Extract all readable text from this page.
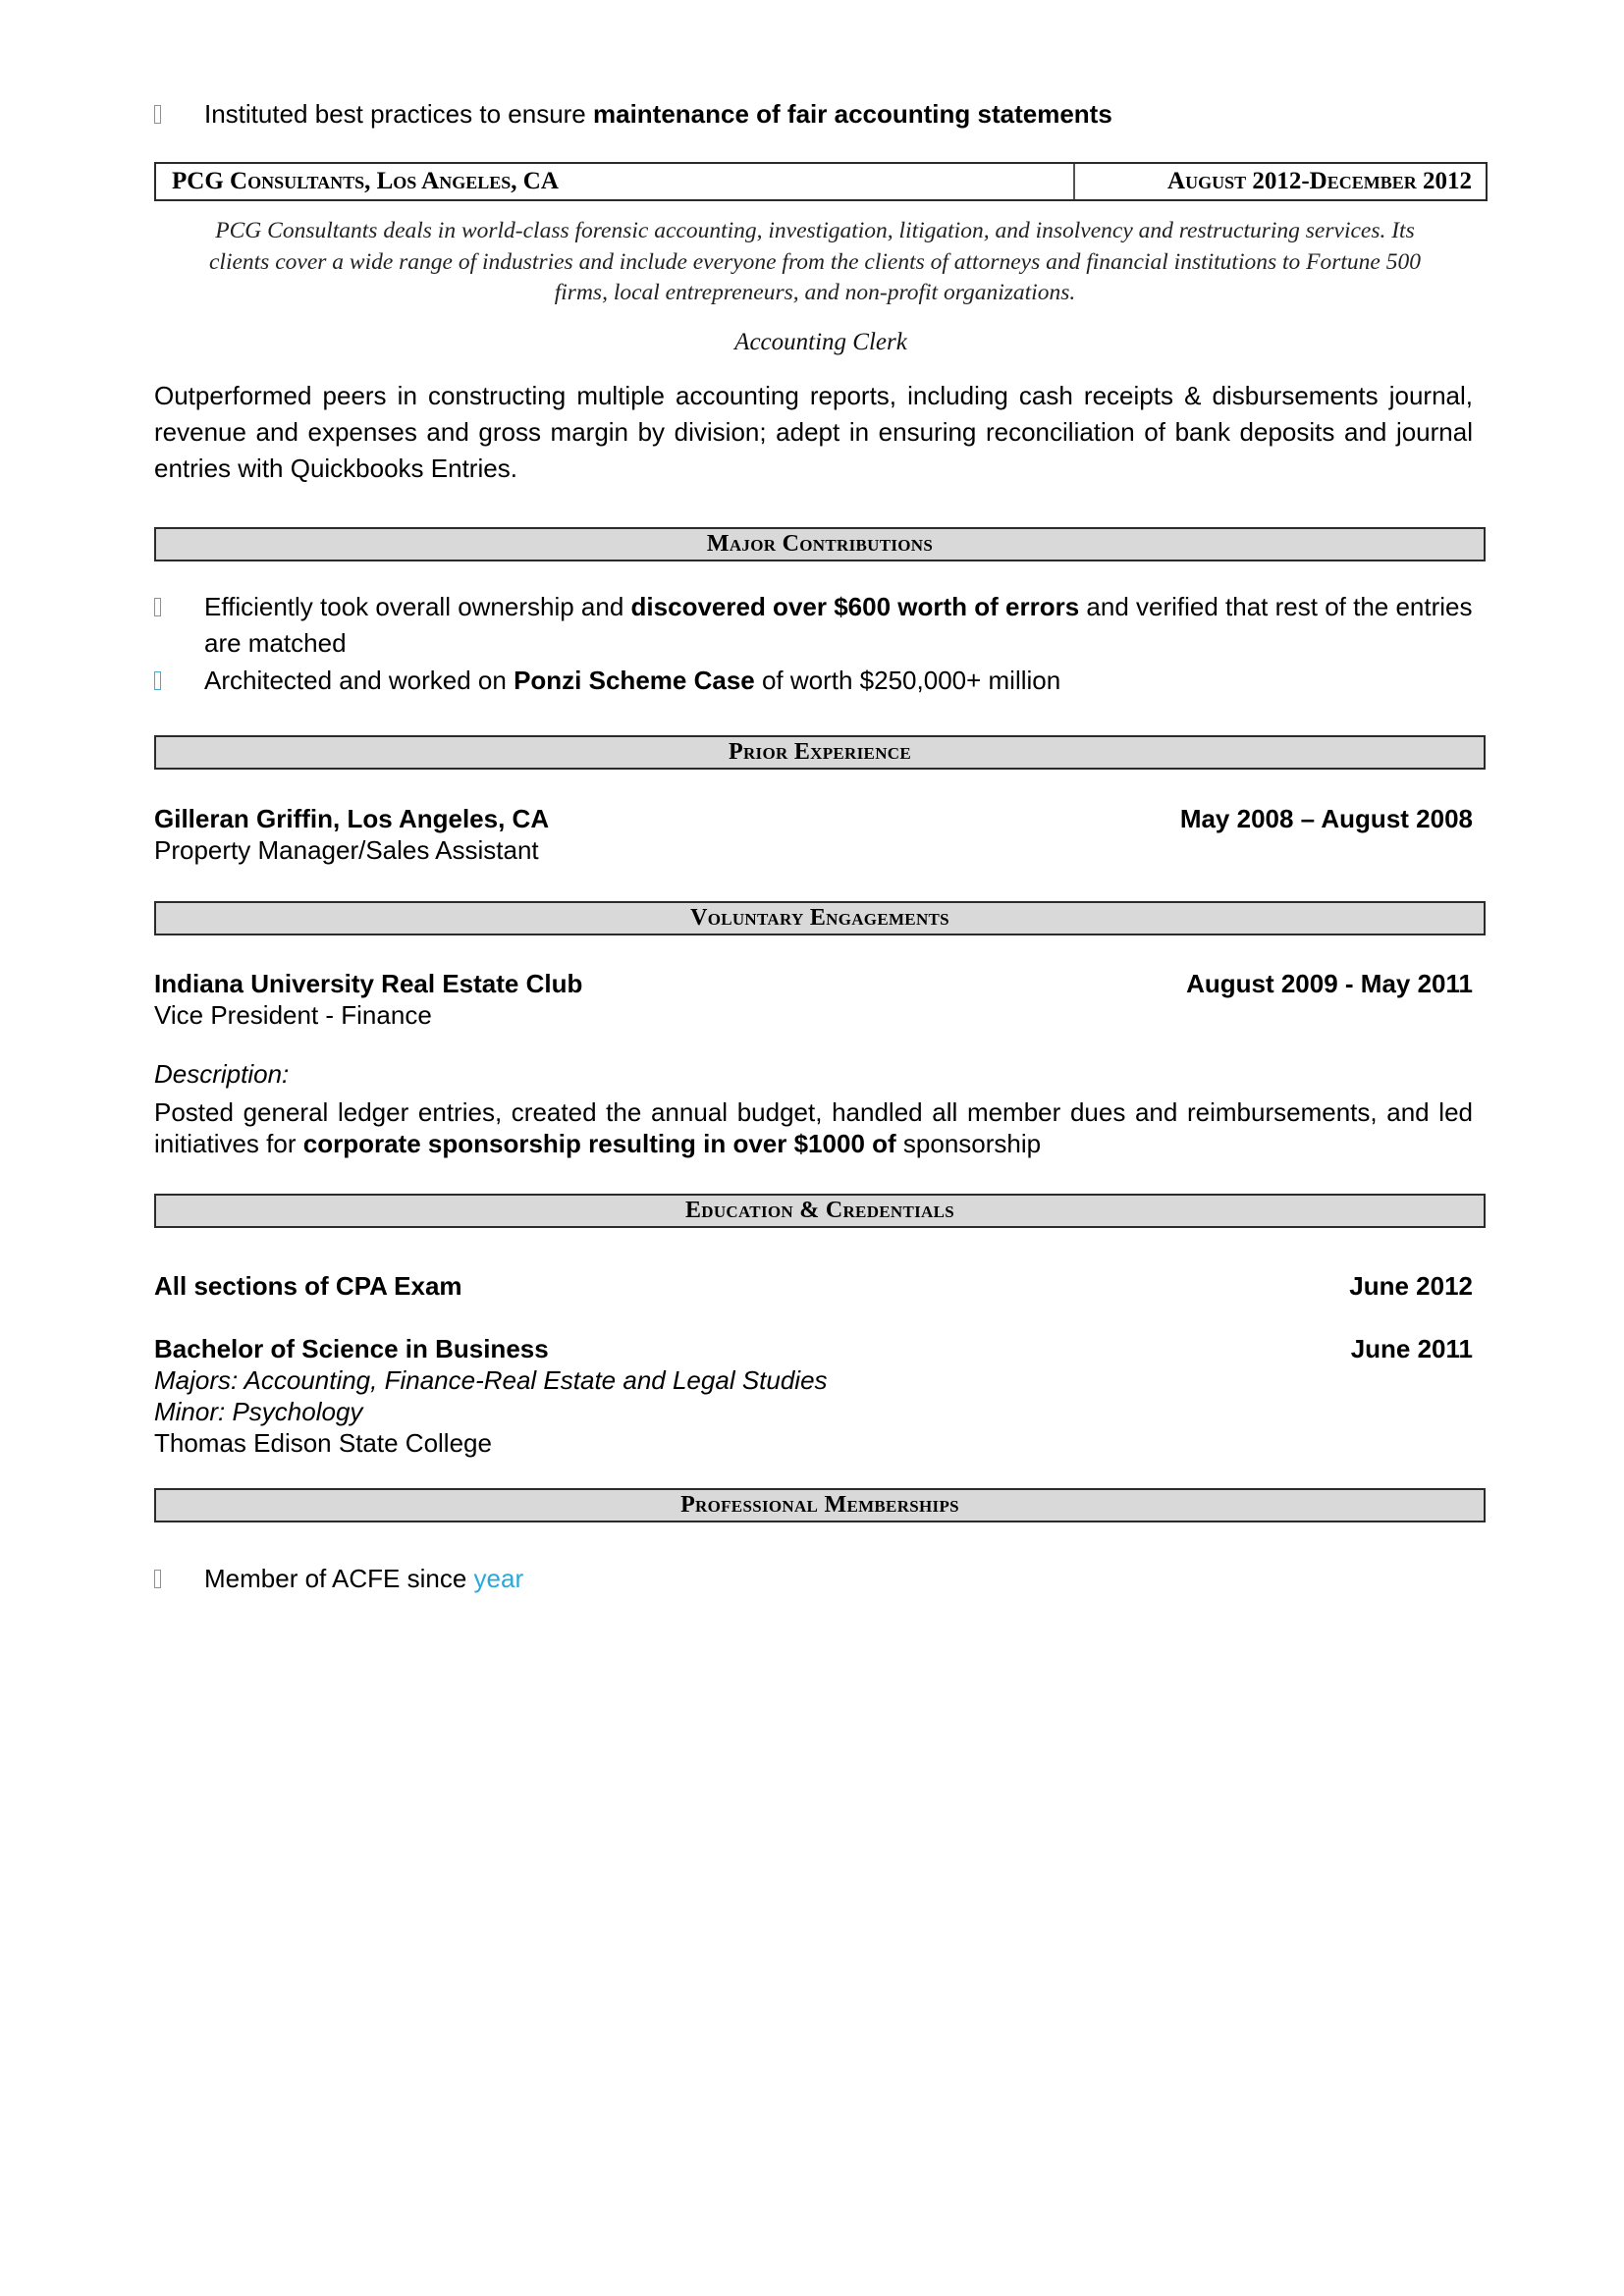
Instituted best practices to ensure maintenance of fair accounting statements
PCG Consultants, Los Angeles, CA	August 2012-December 2012
PCG Consultants deals in world-class forensic accounting, investigation, litigation, and insolvency and restructuring services. Its clients cover a wide range of industries and include everyone from the clients of attorneys and financial institutions to Fortune 500 firms, local entrepreneurs, and non-profit organizations.
Accounting Clerk
Outperformed peers in constructing multiple accounting reports, including cash receipts & disbursements journal, revenue and expenses and gross margin by division; adept in ensuring reconciliation of bank deposits and journal entries with Quickbooks Entries.
Major Contributions
Efficiently took overall ownership and discovered over $600 worth of errors and verified that rest of the entries are matched
Architected and worked on Ponzi Scheme Case of worth $250,000+ million
Prior Experience
Gilleran Griffin, Los Angeles, CA	May 2008 – August 2008
Property Manager/Sales Assistant
Voluntary Engagements
Indiana University Real Estate Club	August 2009 - May 2011
Vice President - Finance
Description:
Posted general ledger entries, created the annual budget, handled all member dues and reimbursements, and led initiatives for corporate sponsorship resulting in over $1000 of sponsorship
Education & Credentials
All sections of CPA Exam	June 2012
Bachelor of Science in Business	June 2011
Majors: Accounting, Finance-Real Estate and Legal Studies
Minor: Psychology
Thomas Edison State College
Professional Memberships
Member of ACFE since year
